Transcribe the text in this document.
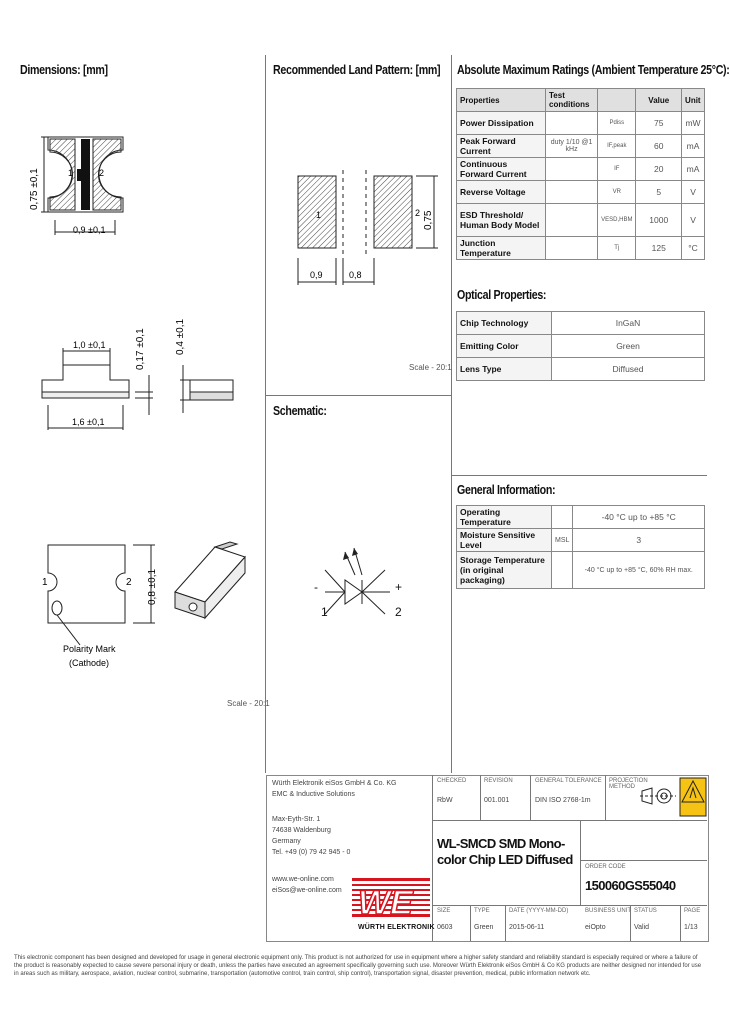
Dimensions: [mm]	Recommended Land Pattern: [mm] Absolute Maximum Ratings (Ambient Temperature 25°C):
Optical Properties:
Schematic:
General Information:
0,75 ±0,1	1	2
0,9 ±0,1
1,0 ±0,1
1,6 ±0,1
0,17 ±0,1	0,4 ±0,1
1	2 0,8 ±0,1
Polarity Mark
(Cathode)
Scale - 20:1
1	2
0,9	0,8
0,75
Scale - 20:1
Properties	Test conditions		Value	Unit
Power Dissipation		Pdiss	75	mW
Peak Forward Current	duty 1/10 @1 kHz	IF,peak	60	mA
Continuous Forward Current		IF	20	mA
Reverse Voltage		VR	5	V
ESD Threshold/ Human Body Model		VESD,HBM	1000	V
Junction Temperature		Tj	125	°C
Chip Technology	InGaN
Emitting Color	Green
Lens Type	Diffused
Operating Temperature		-40 °C up to +85 °C
Moisture Sensitive Level	MSL	3
Storage Temperature (in original packaging)		-40 °C up to +85 °C, 60% RH max.
-	+
1	2
Würth Elektronik eiSos GmbH & Co. KG
EMC & Inductive Solutions
Max-Eyth-Str. 1
74638 Waldenburg
Germany
Tel. +49 (0) 79 42 945 - 0
www.we-online.com
eiSos@we-online.com WE
WÜRTH ELEKTRONIK
CHECKED
RbW
REVISION
001.001
GENERAL TOLERANCE
DIN ISO 2768-1m
PROJECTION METHOD
WL-SMCD SMD Mono-color Chip LED Diffused	ORDER CODE
150060GS55040
SIZE
0603
TYPE
Green
DATE (YYYY-MM-DD)
2015-06-11
BUSINESS UNIT
eiOpto
STATUS
Valid
PAGE
1/13
This electronic component has been designed and developed for usage in general electronic equipment only. This product is not authorized for use in equipment where a higher safety standard and reliability standard is especially required or where a failure of the product is reasonably expected to cause severe personal injury or death, unless the parties have executed an agreement specifically governing such use. Moreover Würth Elektronik eiSos GmbH & Co KG products are neither designed nor intended for use in areas such as military, aerospace, aviation, nuclear control, submarine, transportation (automotive control, train control, ship control), transportation signal, disaster prevention, medical, public information network etc.
